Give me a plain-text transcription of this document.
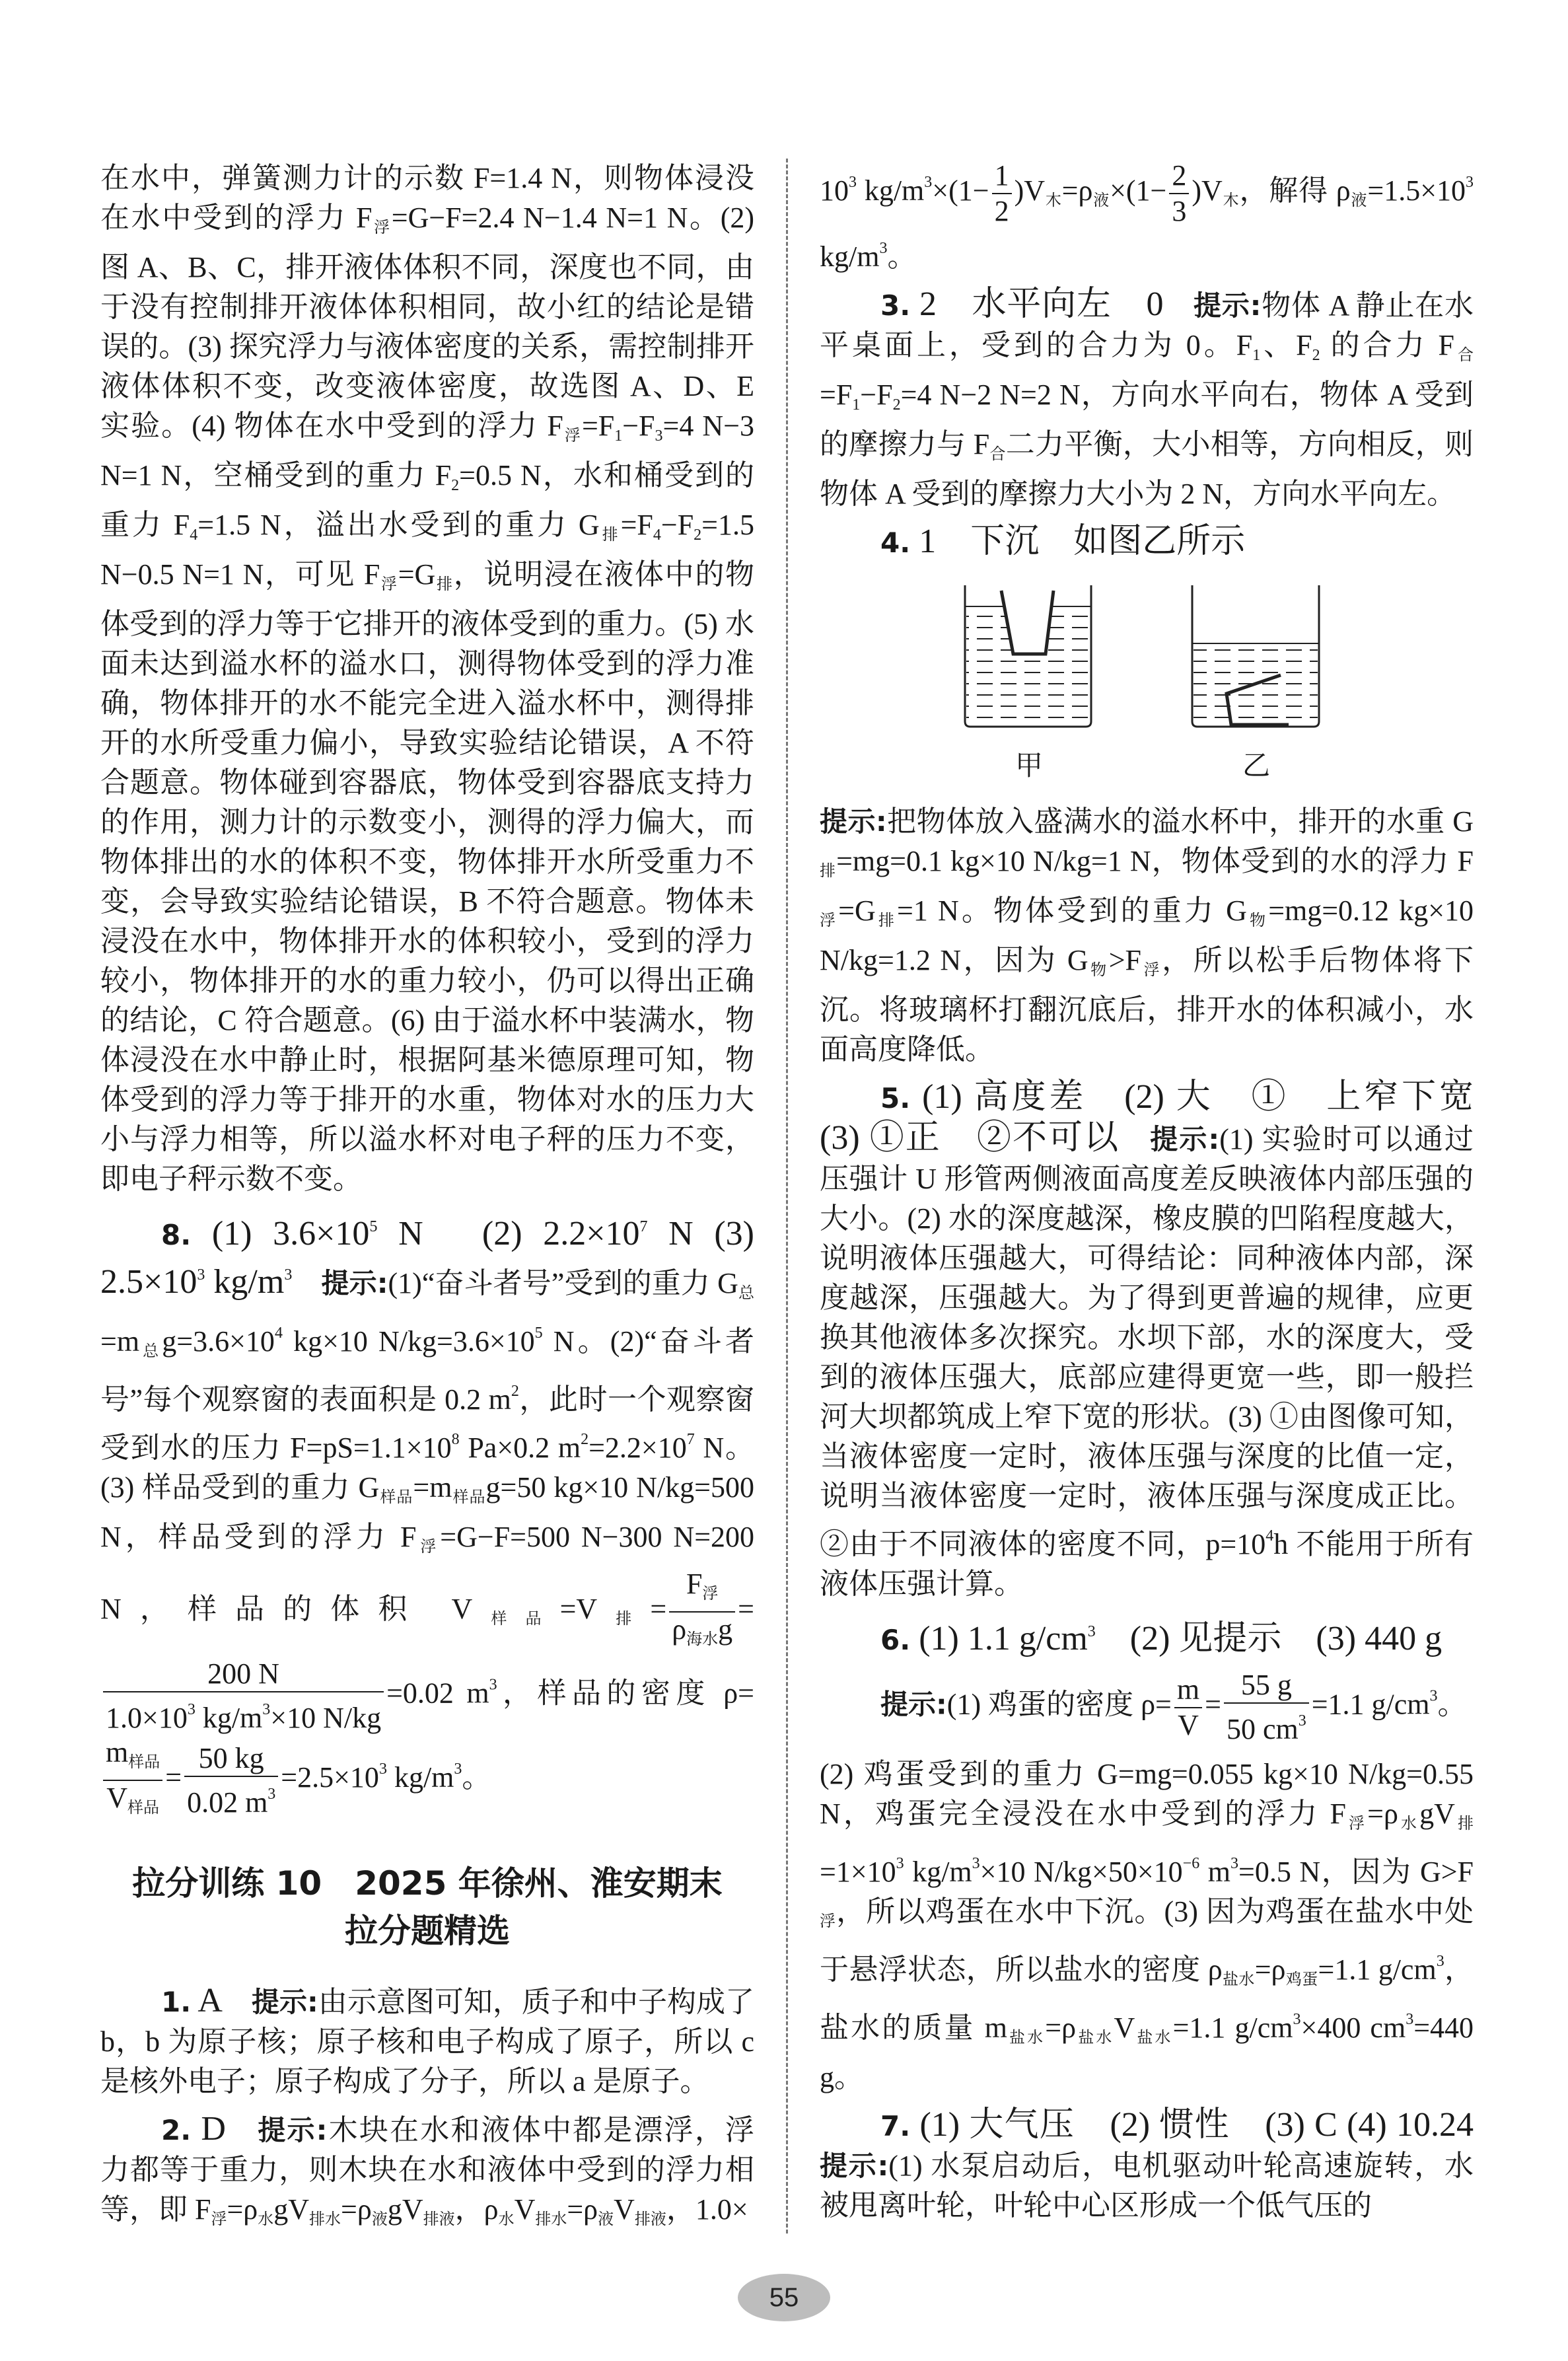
在水中，弹簧测力计的示数 F=1.4 N，则物体浸没在水中受到的浮力 $F_浮=G-F=2.4$ N−1.4 N=1 N。(2) 图 A、B、C，排开液体体积不同，深度也不同，由于没有控制排开液体体积相同，故小红的结论是错误的。(3) 探究浮力与液体密度的关系，需控制排开液体体积不变，改变液体密度，故选图 A、D、E 实验。(4) 物体在水中受到的浮力 $F_浮=F_1-F_3=4$ N−3 N=1 N，空桶受到的重力 $F_2=0.5$ N，水和桶受到的重力 $F_4=1.5$ N，溢出水受到的重力 $G_排=F_4-F_2=1.5$ N−0.5 N=1 N，可见 $F_浮=G_排$，说明浸在液体中的物体受到的浮力等于它排开的液体受到的重力。(5) 水面未达到溢水杯的溢水口，测得物体受到的浮力准确，物体排开的水不能完全进入溢水杯中，测得排开的水所受重力偏小，导致实验结论错误，A 不符合题意。物体碰到容器底，物体受到容器底支持力的作用，测力计的示数变小，测得的浮力偏大，而物体排出的水的体积不变，物体排开水所受重力不变，会导致实验结论错误，B 不符合题意。物体未浸没在水中，物体排开水的体积较小，受到的浮力较小，物体排开的水的重力较小，仍可以得出正确的结论，C 符合题意。(6) 由于溢水杯中装满水，物体浸没在水中静止时，根据阿基米德原理可知，物体受到的浮力等于排开的水重，物体对水的压力大小与浮力相等，所以溢水杯对电子秤的压力不变，即电子秤示数不变。

8. (1) $3.6\times 10^5$ N　(2) $2.2\times 10^7$ N (3) $2.5\times 10^3$ $kg/m^3$　 提示:(1)“奋斗者号”受到的重力 $G_总=m_总g=3.6\times 10^4$ kg×10 $N/kg=3.6\times 10^5$ N。(2)“奋斗者号”每个观察窗的表面积是 0.2 $m^2$，此时一个观察窗受到水的压力 $F=pS=1.1\times 10^8$ Pa×0.2 $m^2=2.2\times 10^7$ N。(3) 样品受到的重力 $G_{样品}=m_{样品}g=50$ kg×10 N/kg=500 N，样品受到的浮力 $F_浮=G-F=500$ N−300 N=200 N，样品的体积 $V_{样品}=V_排= \frac{F_浮}{\rho_{海水}g}$ =
$\frac{200 N}{1.0\times 10^3 kg/m^3\times 10 N/kg} =0.02$ $m^3$，样品的密度 ρ=
$\frac{m_{样品}}{V_{样品}} = \frac{50 kg}{0.02 m^3} =2.5\times 10^3$ $kg/m^3$。

拉分训练 10　2025 年徐州、淮安期末
拉分题精选

1. A　 提示:由示意图可知，质子和中子构成了 b，b 为原子核；原子核和电子构成了原子，所以 c 是核外电子；原子构成了分子，所以 a 是原子。

2. D　 提示:木块在水和液体中都是漂浮，浮力都等于重力，则木块在水和液体中受到的浮力相等，即 $F_浮=\rho_水gV_{排水}=\rho_液gV_{排液}$，$\rho_水V_{排水}=\rho_液V_{排液}$，1.0×

$10^3$ $kg/m^3\times(1- \frac{1}{2} )V_木=\rho_液\times(1- \frac{2}{3} )V_木$，解得 $\rho_液=1.5\times 10^3$ $kg/m^3$。

3. 2　水平向左　0　 提示:物体 A 静止在水平桌面上，受到的合力为 0。$F_1$、$F_2$ 的合力 $F_合=F_1-F_2=4$ N−2 N=2 N，方向水平向右，物体 A 受到的摩擦力与 $F_合$二力平衡，大小相等，方向相反，则物体 A 受到的摩擦力大小为 2 N，方向水平向左。

4. 1　下沉　如图乙所示

甲	乙

提示:把物体放入盛满水的溢水杯中，排开的水重 $G_排=mg=0.1$ kg×10 N/kg=1 N，物体受到的水的浮力 $F_浮=G_排=1$ N。物体受到的重力 $G_物=mg=0.12$ kg×10 N/kg=1.2 N，因为 $G_物>F_浮$，所以松手后物体将下沉。将玻璃杯打翻沉底后，排开水的体积减小，水面高度降低。

5. (1) 高度差　(2) 大　①　上窄下宽　(3) ①正　②不可以　 提示:(1) 实验时可以通过压强计 U 形管两侧液面高度差反映液体内部压强的大小。(2) 水的深度越深，橡皮膜的凹陷程度越大，说明液体压强越大，可得结论：同种液体内部，深度越深，压强越大。为了得到更普遍的规律，应更换其他液体多次探究。水坝下部，水的深度大，受到的液体压强大，底部应建得更宽一些，即一般拦河大坝都筑成上窄下宽的形状。(3) ①由图像可知，当液体密度一定时，液体压强与深度的比值一定，说明当液体密度一定时，液体压强与深度成正比。②由于不同液体的密度不同，$p=10^4h$ 不能用于所有液体压强计算。

6. (1) 1.1 $g/cm^3$　(2) 见提示　(3) 440 g

提示:(1) 鸡蛋的密度 $\rho= \frac{m}{V} = \frac{55 g}{50 cm^3} =1.1$ $g/cm^3$。

(2) 鸡蛋受到的重力 G=mg=0.055 kg×10 N/kg=0.55 N，鸡蛋完全浸没在水中受到的浮力 $F_浮=\rho_水gV_排=1\times 10^3$ $kg/m^3\times 10$ $N/kg\times 50\times 10^{-6}$ $m^3=0.5$ N，因为 $G>F_浮$，所以鸡蛋在水中下沉。(3) 因为鸡蛋在盐水中处于悬浮状态，所以盐水的密度 $\rho_{盐水}=\rho_{鸡蛋}=1.1$ $g/cm^3$，盐水的质量 $m_{盐水}=\rho_{盐水}V_{盐水}=1.1$ $g/cm^3\times 400$ $cm^3=440$ g。

7. (1) 大气压　(2) 惯性　(3) C (4) 10.24　提示:(1) 水泵启动后，电机驱动叶轮高速旋转，水被甩离叶轮，叶轮中心区形成一个低气压的

55
